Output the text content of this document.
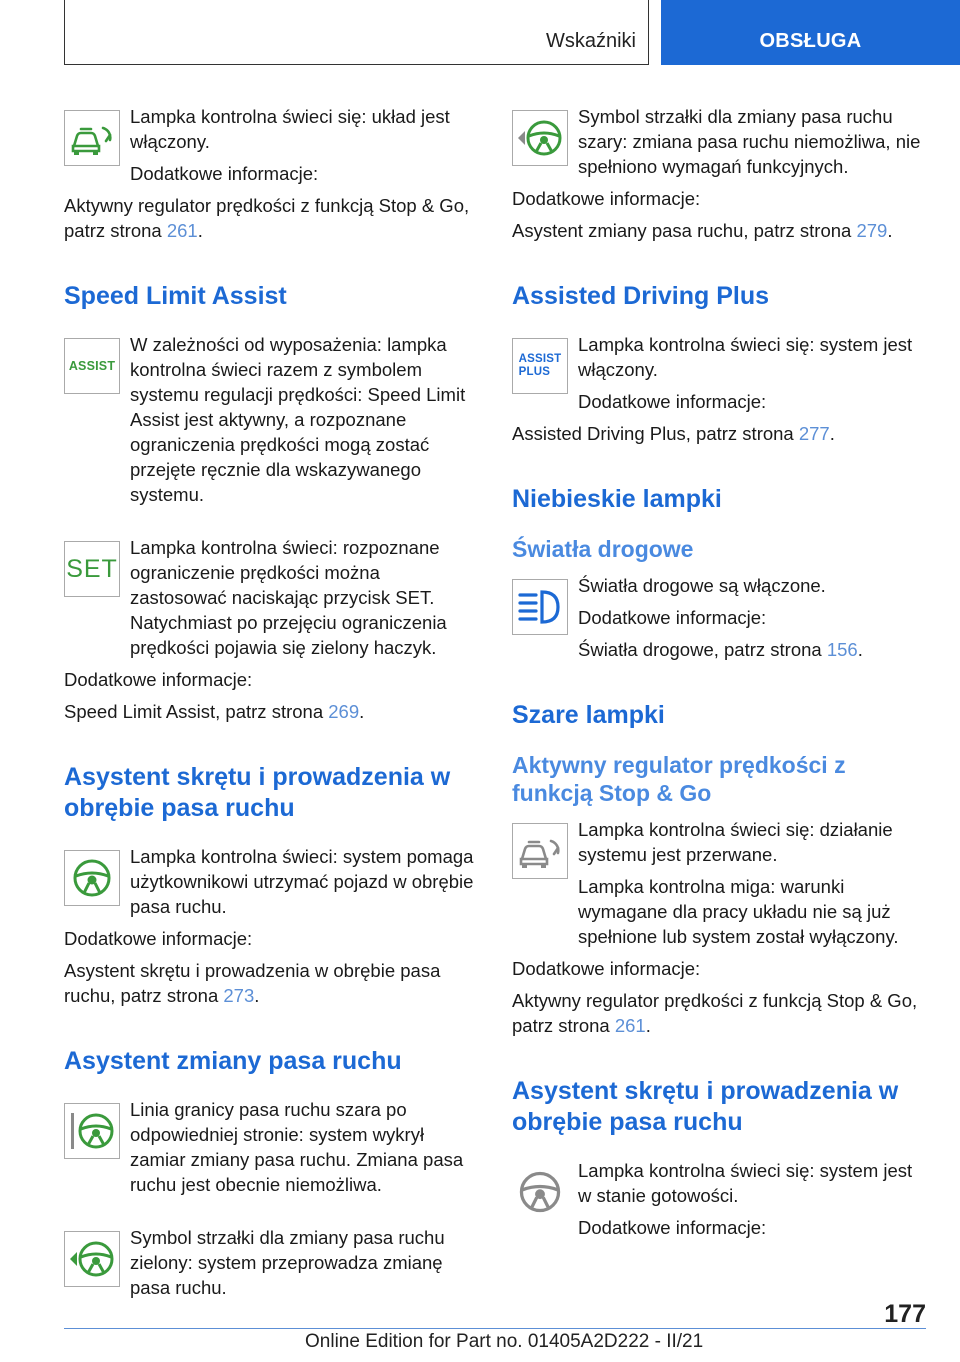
Wskaźniki	OBSŁUGA

Lampka kontrolna świeci się: układ jest

włączony.

Dodatkowe informacje:

Aktywny regulator prędkości z funkcją Stop & Go, patrz strona 261.

Speed Limit Assist
ASSIST

W zależności od wyposażenia: lampka kontrolna świeci razem z symbolem systemu regulacji prędkości: Speed Limit Assist jest aktywny, a rozpoznane ograniczenia prędkości mogą zostać przejęte ręcznie dla wskazywanego systemu.

SET

Lampka kontrolna świeci: rozpoznane ograniczenie prędkości można zastosować naciskając przycisk SET. Natychmiast po przejęciu ograniczenia prędkości pojawia się zielony haczyk.

Dodatkowe informacje:

Speed Limit Assist, patrz strona 269.

Asystent skrętu i prowadzenia w obrębie pasa ruchu

Lampka kontrolna świeci: system pomaga użytkownikowi utrzymać pojazd w obrębie pasa ruchu.

Dodatkowe informacje:

Asystent skrętu i prowadzenia w obrębie pasa ruchu, patrz strona 273.

Asystent zmiany pasa ruchu

Linia granicy pasa ruchu szara po odpowiedniej stronie: system wykrył zamiar zmiany pasa ruchu. Zmiana pasa ruchu jest obecnie niemożliwa.

Symbol strzałki dla zmiany pasa ruchu zielony: system przeprowadza zmianę pasa ruchu.

Symbol strzałki dla zmiany pasa ruchu szary: zmiana pasa ruchu niemożliwa, nie spełniono wymagań funkcyjnych.

Dodatkowe informacje:

Asystent zmiany pasa ruchu, patrz strona 279.

Assisted Driving Plus
ASSIST
PLUS

Lampka kontrolna świeci się: system jest włączony.

Dodatkowe informacje:

Assisted Driving Plus, patrz strona 277.

Niebieskie lampki
Światła drogowe

Światła drogowe są włączone.

Dodatkowe informacje:

Światła drogowe, patrz strona 156.

Szare lampki
Aktywny regulator prędkości z funkcją Stop & Go

Lampka kontrolna świeci się: działanie systemu jest przerwane.

Lampka kontrolna miga: warunki wymagane dla pracy układu nie są już spełnione lub system został wyłączony.

Dodatkowe informacje:

Aktywny regulator prędkości z funkcją Stop & Go, patrz strona 261.

Asystent skrętu i prowadzenia w obrębie pasa ruchu

Lampka kontrolna świeci się: system jest w stanie gotowości.

Dodatkowe informacje:

177
Online Edition for Part no. 01405A2D222 - II/21
